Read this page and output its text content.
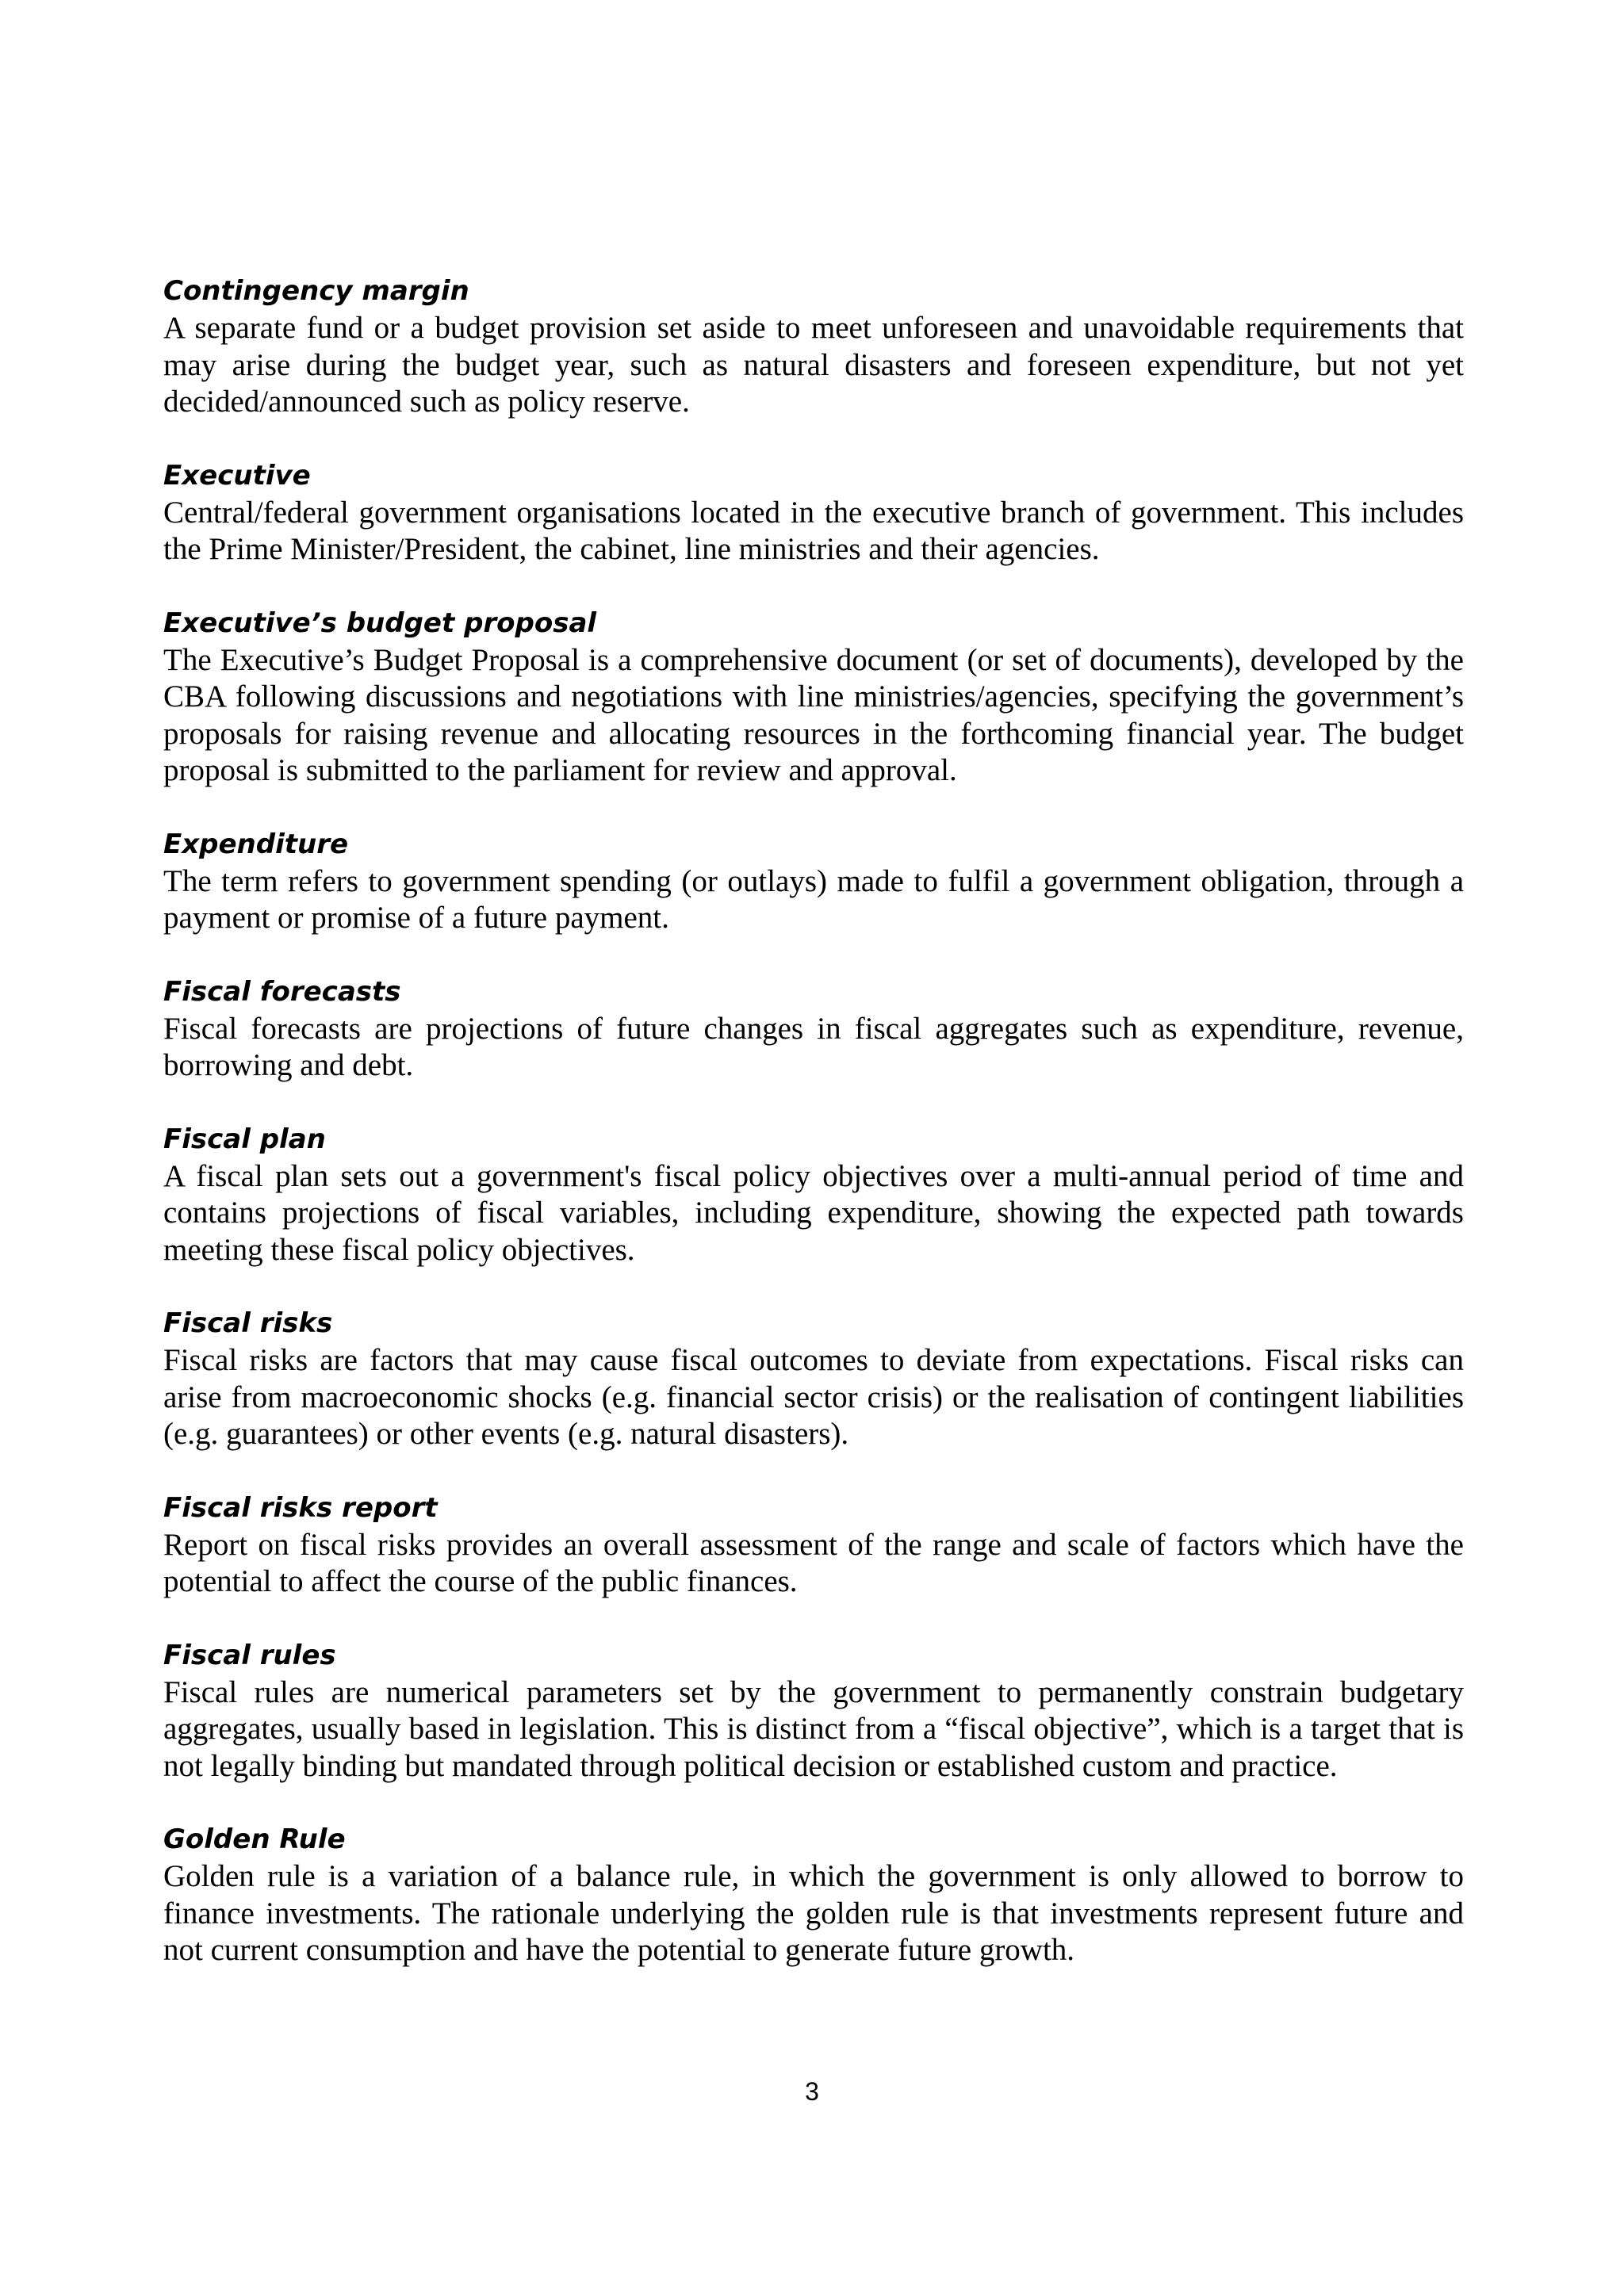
Contingency margin

A separate fund or a budget provision set aside to meet unforeseen and unavoidable requirements that may arise during the budget year, such as natural disasters and foreseen expenditure, but not yet decided/announced such as policy reserve.

Executive

Central/federal government organisations located in the executive branch of government. This includes the Prime Minister/President, the cabinet, line ministries and their agencies.

Executive’s budget proposal

The Executive’s Budget Proposal is a comprehensive document (or set of documents), developed by the CBA following discussions and negotiations with line ministries/agencies, specifying the government’s proposals for raising revenue and allocating resources in the forthcoming financial year. The budget proposal is submitted to the parliament for review and approval.

Expenditure

The term refers to government spending (or outlays) made to fulfil a government obligation, through a payment or promise of a future payment.

Fiscal forecasts

Fiscal forecasts are projections of future changes in fiscal aggregates such as expenditure, revenue, borrowing and debt.

Fiscal plan

A fiscal plan sets out a government's fiscal policy objectives over a multi-annual period of time and contains projections of fiscal variables, including expenditure, showing the expected path towards meeting these fiscal policy objectives.

Fiscal risks

Fiscal risks are factors that may cause fiscal outcomes to deviate from expectations. Fiscal risks can arise from macroeconomic shocks (e.g. financial sector crisis) or the realisation of contingent liabilities (e.g. guarantees) or other events (e.g. natural disasters).

Fiscal risks report

Report on fiscal risks provides an overall assessment of the range and scale of factors which have the potential to affect the course of the public finances.

Fiscal rules

Fiscal rules are numerical parameters set by the government to permanently constrain budgetary aggregates, usually based in legislation. This is distinct from a “fiscal objective”, which is a target that is not legally binding but mandated through political decision or established custom and practice.

Golden Rule

Golden rule is a variation of a balance rule, in which the government is only allowed to borrow to finance investments. The rationale underlying the golden rule is that investments represent future and not current consumption and have the potential to generate future growth.

3
